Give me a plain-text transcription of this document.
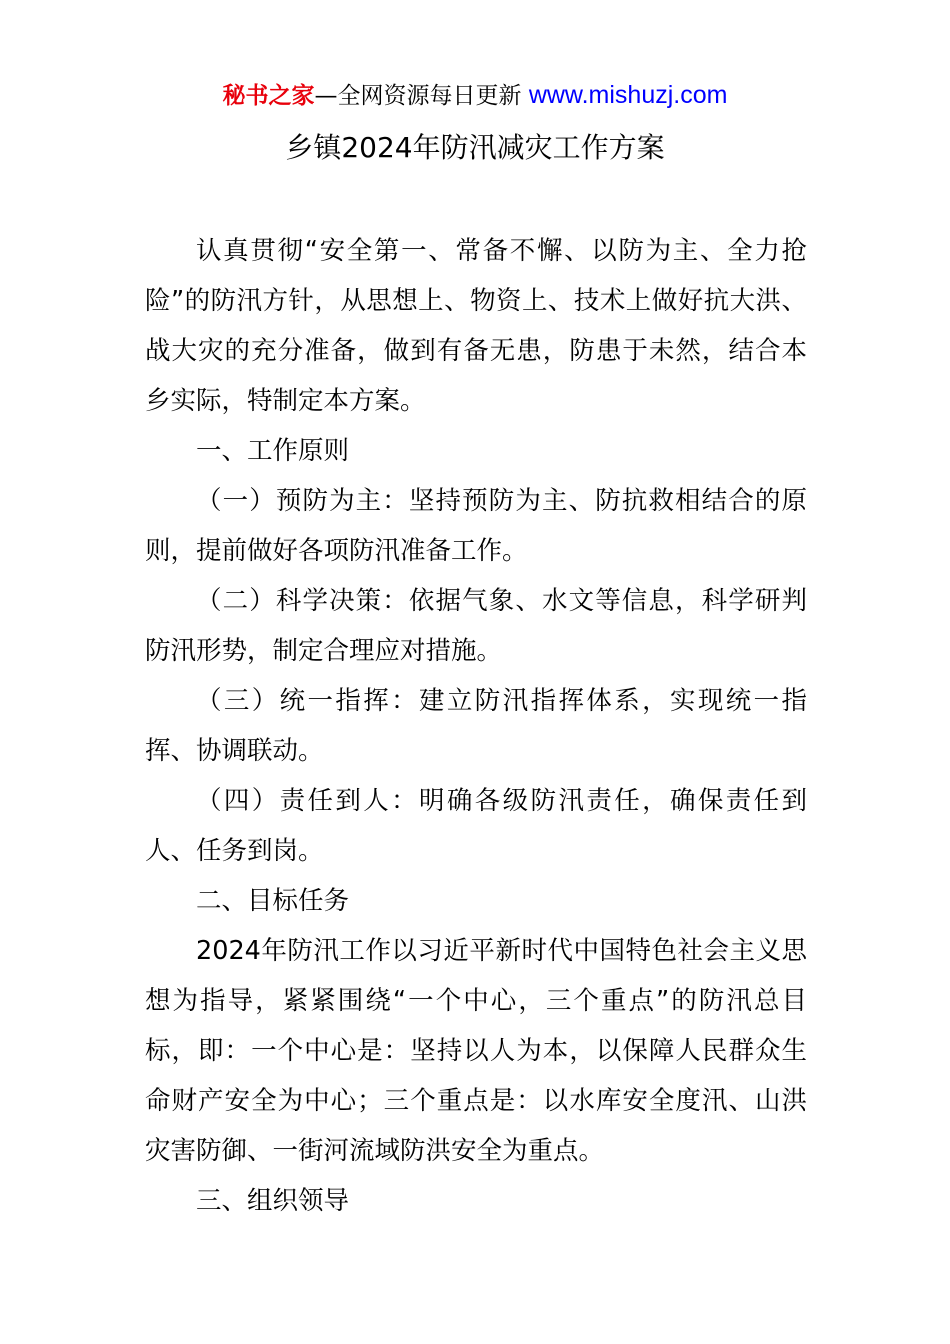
秘书之家—全网资源每日更新 www.mishuzj.com
乡镇2024年防汛减灾工作方案

认真贯彻“安全第一、常备不懈、以防为主、全力抢险”的防汛方针，从思想上、物资上、技术上做好抗大洪、战大灾的充分准备，做到有备无患，防患于未然，结合本乡实际，特制定本方案。

一、工作原则

（一）预防为主：坚持预防为主、防抗救相结合的原则，提前做好各项防汛准备工作。

（二）科学决策：依据气象、水文等信息，科学研判防汛形势，制定合理应对措施。

（三）统一指挥：建立防汛指挥体系，实现统一指挥、协调联动。

（四）责任到人：明确各级防汛责任，确保责任到人、任务到岗。

二、目标任务

2024年防汛工作以习近平新时代中国特色社会主义思想为指导，紧紧围绕“一个中心，三个重点”的防汛总目标，即：一个中心是：坚持以人为本，以保障人民群众生命财产安全为中心；三个重点是：以水库安全度汛、山洪灾害防御、一街河流域防洪安全为重点。

三、组织领导
